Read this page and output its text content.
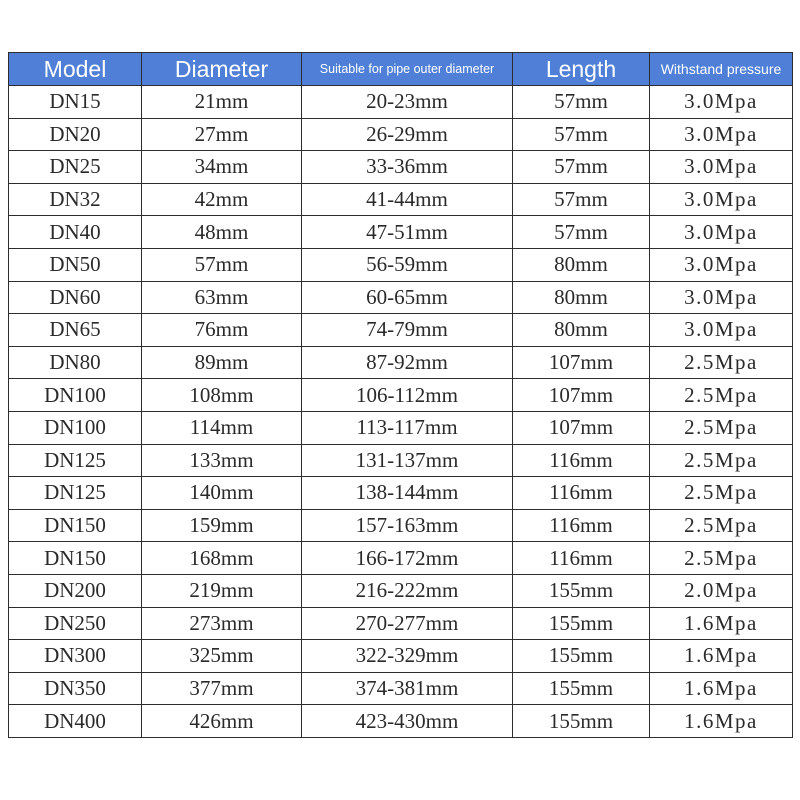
Model	Diameter	Suitable for pipe outer diameter	Length	Withstand pressure
DN15	21mm	20-23mm	57mm	3.0Mpa
DN20	27mm	26-29mm	57mm	3.0Mpa
DN25	34mm	33-36mm	57mm	3.0Mpa
DN32	42mm	41-44mm	57mm	3.0Mpa
DN40	48mm	47-51mm	57mm	3.0Mpa
DN50	57mm	56-59mm	80mm	3.0Mpa
DN60	63mm	60-65mm	80mm	3.0Mpa
DN65	76mm	74-79mm	80mm	3.0Mpa
DN80	89mm	87-92mm	107mm	2.5Mpa
DN100	108mm	106-112mm	107mm	2.5Mpa
DN100	114mm	113-117mm	107mm	2.5Mpa
DN125	133mm	131-137mm	116mm	2.5Mpa
DN125	140mm	138-144mm	116mm	2.5Mpa
DN150	159mm	157-163mm	116mm	2.5Mpa
DN150	168mm	166-172mm	116mm	2.5Mpa
DN200	219mm	216-222mm	155mm	2.0Mpa
DN250	273mm	270-277mm	155mm	1.6Mpa
DN300	325mm	322-329mm	155mm	1.6Mpa
DN350	377mm	374-381mm	155mm	1.6Mpa
DN400	426mm	423-430mm	155mm	1.6Mpa
